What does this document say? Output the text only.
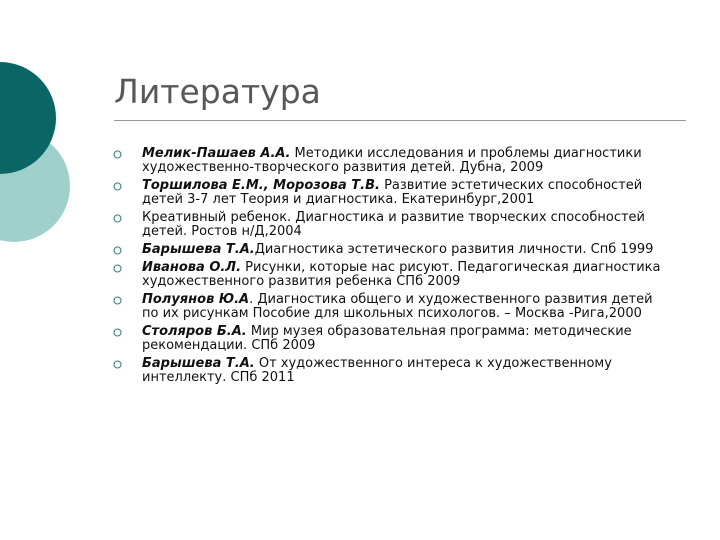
Литература
Мелик-Пашаев А.А. Методики исследования и проблемы диагностики художественно-творческого развития детей. Дубна, 2009
Торшилова Е.М., Морозова Т.В. Развитие эстетических способностей детей 3-7 лет Теория и диагностика. Екатеринбург,2001
Креативный ребенок. Диагностика и развитие творческих способностей детей. Ростов н/Д,2004
Барышева Т.А.Диагностика эстетического развития личности. Спб 1999
Иванова О.Л. Рисунки, которые нас рисуют. Педагогическая диагностика художественного развития ребенка СПб 2009
Полуянов Ю.А. Диагностика общего и художественного развития детей по их рисункам Пособие для школьных психологов. – Москва -Рига,2000
Столяров Б.А. Мир музея образовательная программа: методические рекомендации. СПб 2009
Барышева Т.А. От художественного интереса к художественному интеллекту. СПб 2011
